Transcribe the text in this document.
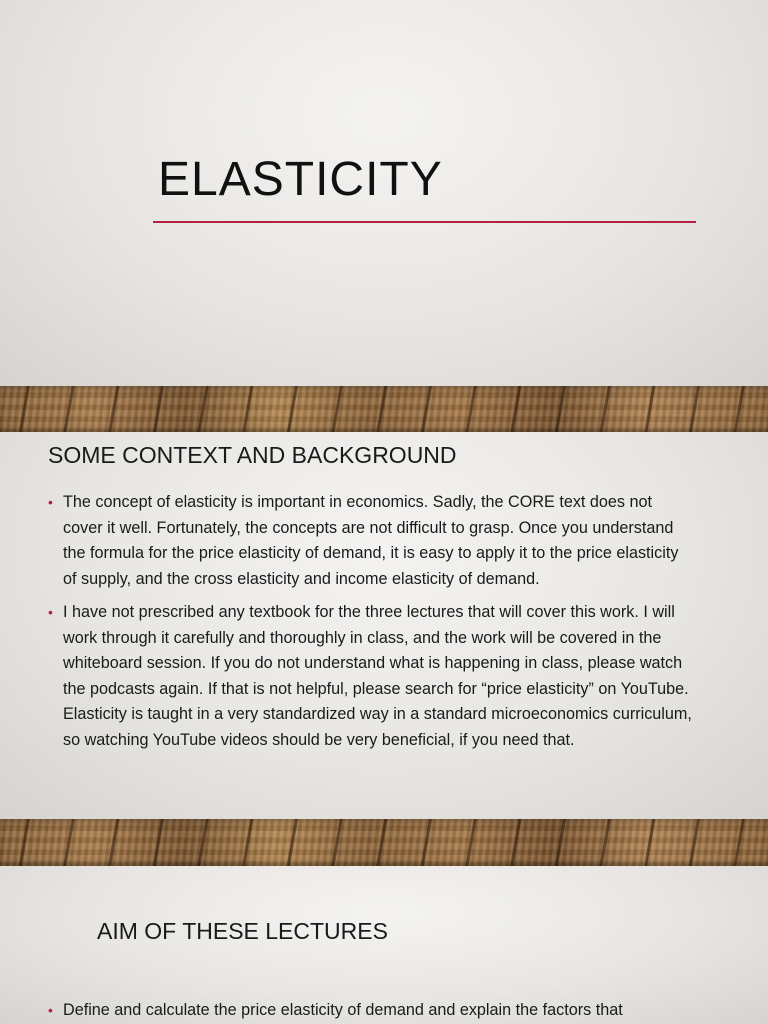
ELASTICITY
SOME CONTEXT AND BACKGROUND
• The concept of elasticity is important in economics. Sadly, the CORE text does not cover it well. Fortunately, the concepts are not difficult to grasp. Once you understand the formula for the price elasticity of demand, it is easy to apply it to the price elasticity of supply, and the cross elasticity and income elasticity of demand.
• I have not prescribed any textbook for the three lectures that will cover this work. I will work through it carefully and thoroughly in class, and the work will be covered in the whiteboard session. If you do not understand what is happening in class, please watch the podcasts again. If that is not helpful, please search for “price elasticity” on YouTube. Elasticity is taught in a very standardized way in a standard microeconomics curriculum, so watching YouTube videos should be very beneficial, if you need that.
AIM OF THESE LECTURES
• Define and calculate the price elasticity of demand and explain the factors that
